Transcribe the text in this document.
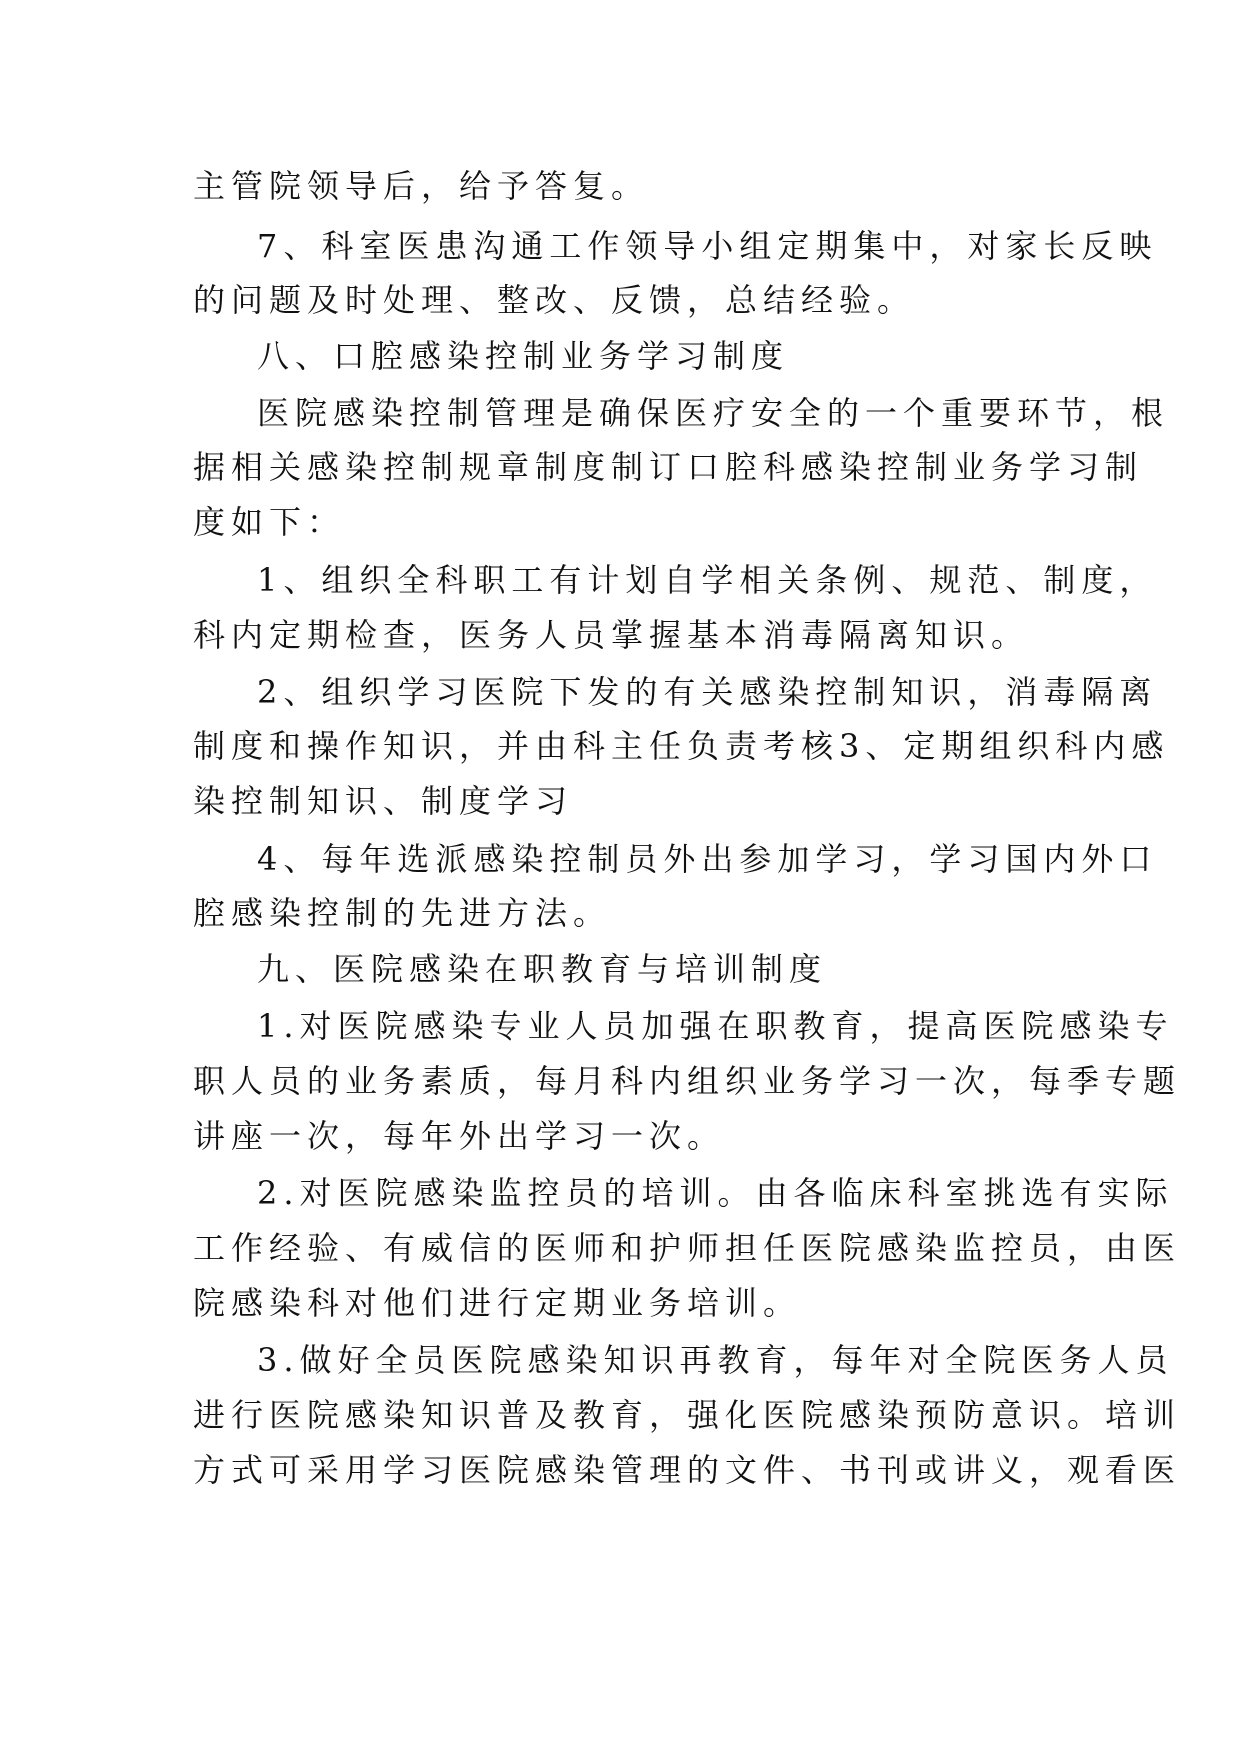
主管院领导后，给予答复。

7、科室医患沟通工作领导小组定期集中，对家长反映

的问题及时处理、整改、反馈，总结经验。

八、口腔感染控制业务学习制度

医院感染控制管理是确保医疗安全的一个重要环节，根

据相关感染控制规章制度制订口腔科感染控制业务学习制

度如下：

1、组织全科职工有计划自学相关条例、规范、制度，

科内定期检查，医务人员掌握基本消毒隔离知识。

2、组织学习医院下发的有关感染控制知识，消毒隔离

制度和操作知识，并由科主任负责考核3、定期组织科内感

染控制知识、制度学习

4、每年选派感染控制员外出参加学习，学习国内外口

腔感染控制的先进方法。

九、医院感染在职教育与培训制度

1.对医院感染专业人员加强在职教育，提高医院感染专

职人员的业务素质，每月科内组织业务学习一次，每季专题

讲座一次，每年外出学习一次。

2.对医院感染监控员的培训。由各临床科室挑选有实际

工作经验、有威信的医师和护师担任医院感染监控员，由医

院感染科对他们进行定期业务培训。

3.做好全员医院感染知识再教育，每年对全院医务人员

进行医院感染知识普及教育，强化医院感染预防意识。培训

方式可采用学习医院感染管理的文件、书刊或讲义，观看医
